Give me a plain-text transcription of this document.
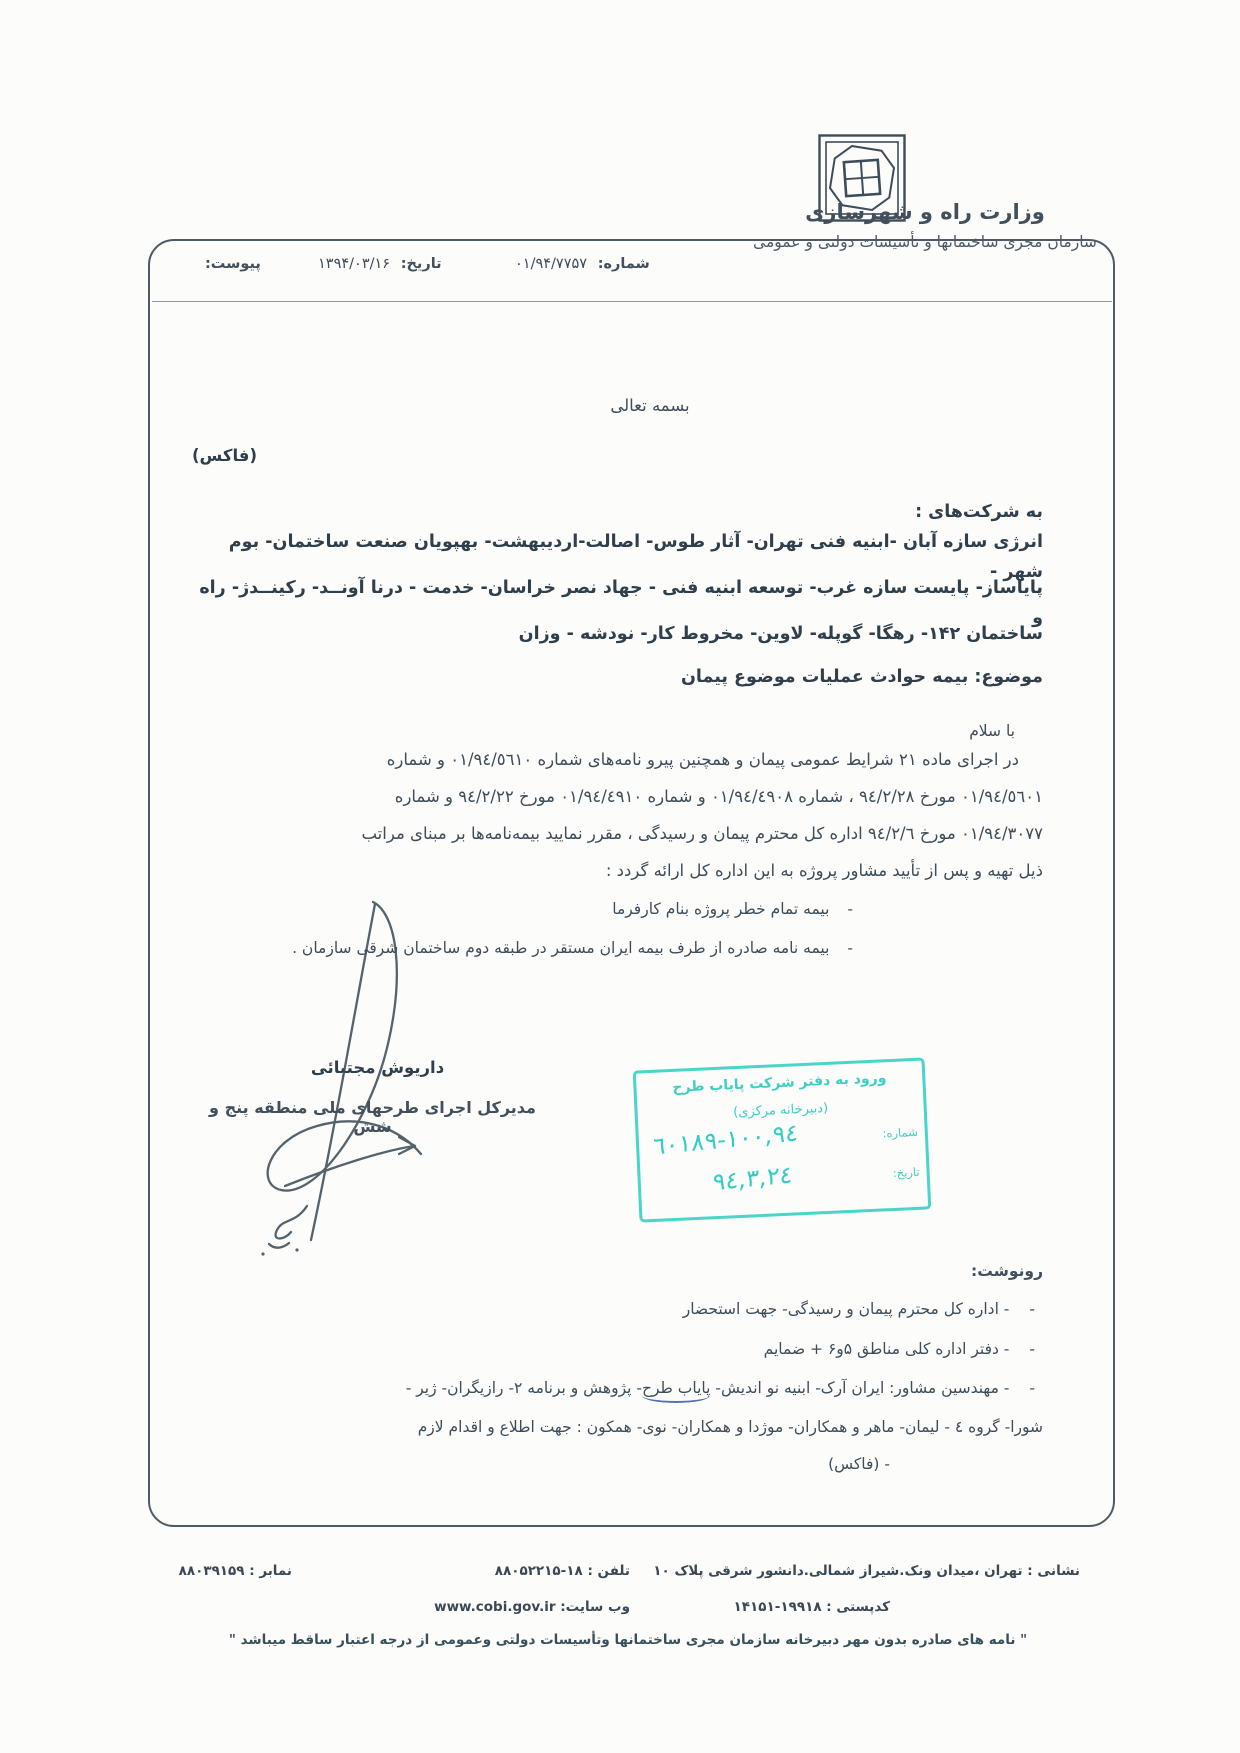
وزارت راه و شهرسازی
سازمان مجری ساختمانها و تأسیسات دولتی و عمومی
شماره: ۰۱/۹۴/۷۷۵۷
تاریخ: ۱۳۹۴/۰۳/۱۶
پیوست:
بسمه تعالی
(فاکس)
به شرکت‌های :
انرژی سازه آبان -ابنیه فنی تهران- آثار طوس- اصالت-اردیبهشت- بهپویان صنعت ساختمان- بوم شهر -
پایاساز- پایست سازه غرب- توسعه ابنیه فنی - جهاد نصر خراسان- خدمت - درنا آونــد- رکینــدژ- راه و
ساختمان ۱۴۲- رهگا- گوپله- لاوین- مخروط کار- نودشه - وزان
موضوع: بیمه حوادث عملیات موضوع پیمان
با سلام
در اجرای ماده ۲۱ شرایط عمومی پیمان و همچنین پیرو نامه‌های شماره ٠١/٩٤/٥٦١٠ و شماره
٠١/٩٤/٥٦٠١ مورخ ٩٤/٢/٢٨ ، شماره ٠١/٩٤/٤٩٠٨ و شماره ٠١/٩٤/٤٩١٠ مورخ ٩٤/٢/٢٢ و شماره
٠١/٩٤/٣٠٧٧ مورخ ٩٤/٢/٦ اداره کل محترم پیمان و رسیدگی ، مقرر نمایید بیمه‌نامه‌ها بر مبنای مراتب
ذیل تهیه و پس از تأیید مشاور پروژه به این اداره کل ارائه گردد :
-
بیمه تمام خطر پروژه بنام کارفرما
-
بیمه نامه صادره از طرف بیمه ایران مستقر در طبقه دوم ساختمان شرقی سازمان .
داریوش مجتبائی
مدیرکل اجرای طرحهای ملی منطقه پنج و شش
ورود به دفتر شرکت پایاب طرح
(دبیرخانه مرکزی)
شماره:
تاریخ:
١٠٠,٩٤-٦٠١٨٩
٩٤,٣,٢٤
رونوشت:
-
- اداره کل محترم پیمان و رسیدگی- جهت استحضار
-
- دفتر اداره کلی مناطق ۵و۶ + ضمایم
-
- مهندسین مشاور: ایران آرک- ابنیه نو اندیش- پایاب طرح- پژوهش و برنامه ۲- رازیگران- ژیر -
شورا- گروه ٤ - لیمان- ماهر و همکاران- موژدا و همکاران- نوی- همکون : جهت اطلاع و اقدام لازم
- (فاکس)
نشانی : تهران ،میدان ونک.شیراز شمالی.دانشور شرقی پلاک ۱۰
کدپستی : ۱۹۹۱۸-۱۴۱۵۱
تلفن : ۱۸-۸۸۰۵۲۲۱۵
وب سایت: www.cobi.gov.ir
نمابر : ۸۸۰۳۹۱۵۹
" نامه های صادره بدون مهر دبیرخانه سازمان مجری ساختمانها وتأسیسات دولتی وعمومی از درجه اعتبار ساقط میباشد "
